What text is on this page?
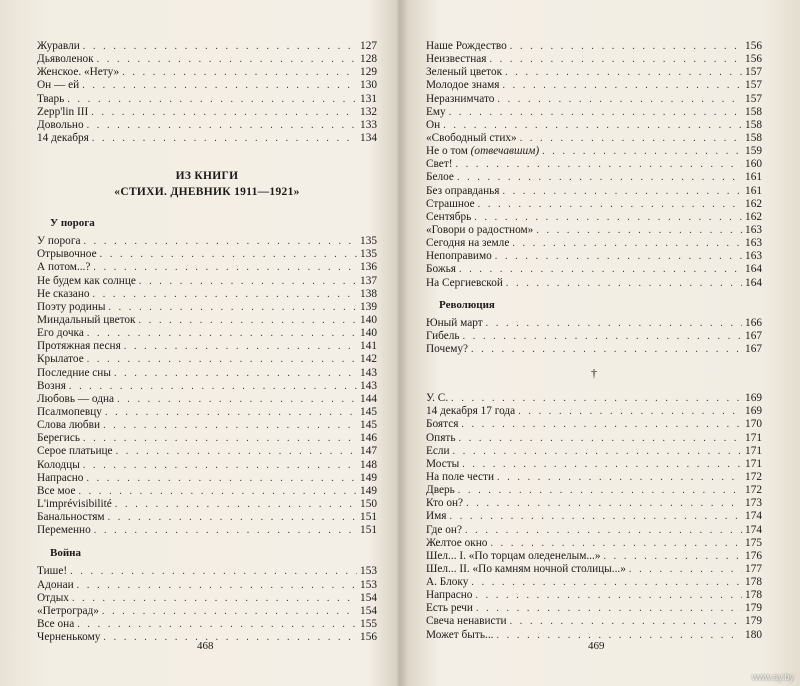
Журавли . . .	127
Дьяволенок . . .	128
Женское. «Нету» . . .	129
Он — ей . . .	130
Тварь . . .	131
Zepp'lin III . . .	132
Довольно . . .	133
14 декабря . . .	134
ИЗ КНИГИ
«СТИХИ. ДНЕВНИК 1911—1921»
У порога
У порога . . .	135
Отрывочное . . .	135
А потом...? . . .	136
Не будем как солнце . . .	137
Не сказано . . .	138
Поэту родины . . .	139
Миндальный цветок . . .	140
Его дочка . . .	140
Протяжная песня . . .	141
Крылатое . . .	142
Последние сны . . .	143
Возня . . .	143
Любовь — одна . . .	144
Псалмопевцу . . .	145
Слова любви . . .	145
Берегись . . .	146
Серое платьице . . .	147
Колодцы . . .	148
Напрасно . . .	149
Все мое . . .	149
L'imprévisibilité . . .	150
Банальностям . . .	151
Переменно . . .	151
Война
Тише! . . .	153
Адонаи . . .	153
Отдых . . .	154
«Петроград» . . .	154
Все она . . .	155
Черненькому . . .	156
468
Наше Рождество . . .	156
Неизвестная . . .	156
Зеленый цветок . . .	157
Молодое знамя . . .	157
Неразнимчато . . .	157
Ему . . .	158
Он . . .	158
«Свободный стих» . . .	158
Не о том (отвечавшим) . . .	159
Свет! . . .	160
Белое . . .	161
Без оправданья . . .	161
Страшное . . .	162
Сентябрь . . .	162
«Говори о радостном» . . .	163
Сегодня на земле . . .	163
Непоправимо . . .	163
Божья . . .	164
На Сергиевской . . .	164
Революция
Юный март . . .	166
Гибель . . .	167
Почему? . . .	167
†
У. С. . . .	169
14 декабря 17 года . . .	169
Боятся . . .	170
Опять . . .	171
Если . . .	171
Мосты . . .	171
На поле чести . . .	172
Дверь . . .	172
Кто он? . . .	173
Имя . . .	174
Где он? . . .	174
Желтое окно . . .	175
Шел... I. «По торцам оледенелым...» . . .	176
Шел... II. «По камням ночной столицы...» . . .	177
А. Блоку . . .	178
Напрасно . . .	178
Есть речи . . .	179
Свеча ненависти . . .	179
Может быть... . . .	180
469
www.ay.by
